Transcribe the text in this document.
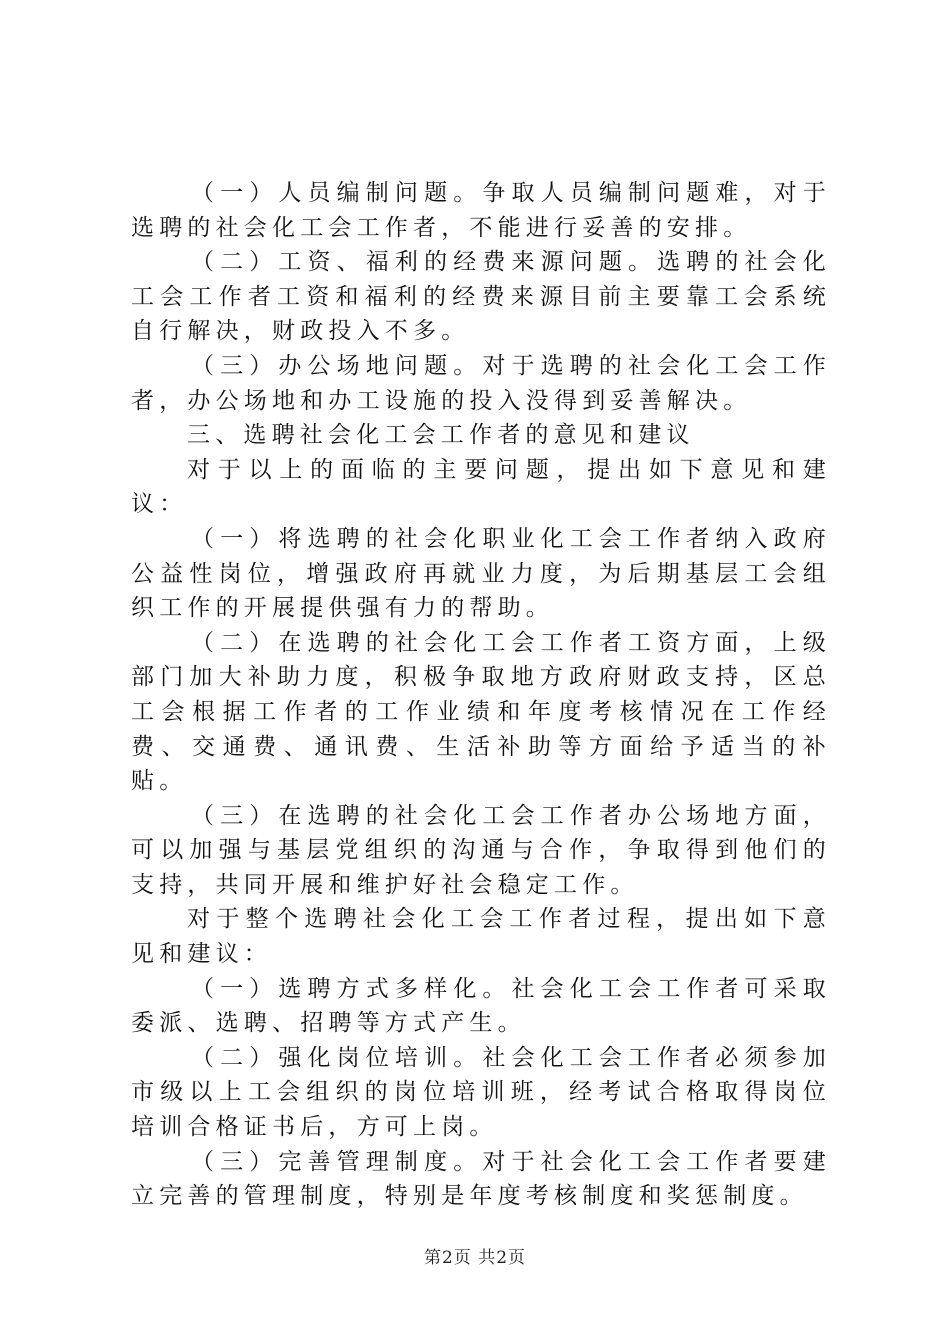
（一）人员编制问题。争取人员编制问题难，对于选聘的社会化工会工作者，不能进行妥善的安排。

（二）工资、福利的经费来源问题。选聘的社会化工会工作者工资和福利的经费来源目前主要靠工会系统自行解决，财政投入不多。

（三）办公场地问题。对于选聘的社会化工会工作者，办公场地和办工设施的投入没得到妥善解决。

三、选聘社会化工会工作者的意见和建议

对于以上的面临的主要问题，提出如下意见和建议：

（一）将选聘的社会化职业化工会工作者纳入政府公益性岗位，增强政府再就业力度，为后期基层工会组织工作的开展提供强有力的帮助。

（二）在选聘的社会化工会工作者工资方面，上级部门加大补助力度，积极争取地方政府财政支持，区总工会根据工作者的工作业绩和年度考核情况在工作经费、交通费、通讯费、生活补助等方面给予适当的补贴。

（三）在选聘的社会化工会工作者办公场地方面，可以加强与基层党组织的沟通与合作，争取得到他们的支持，共同开展和维护好社会稳定工作。

对于整个选聘社会化工会工作者过程，提出如下意见和建议：

（一）选聘方式多样化。社会化工会工作者可采取委派、选聘、招聘等方式产生。

（二）强化岗位培训。社会化工会工作者必须参加市级以上工会组织的岗位培训班，经考试合格取得岗位培训合格证书后，方可上岗。

（三）完善管理制度。对于社会化工会工作者要建立完善的管理制度，特别是年度考核制度和奖惩制度。

第2页 共2页
